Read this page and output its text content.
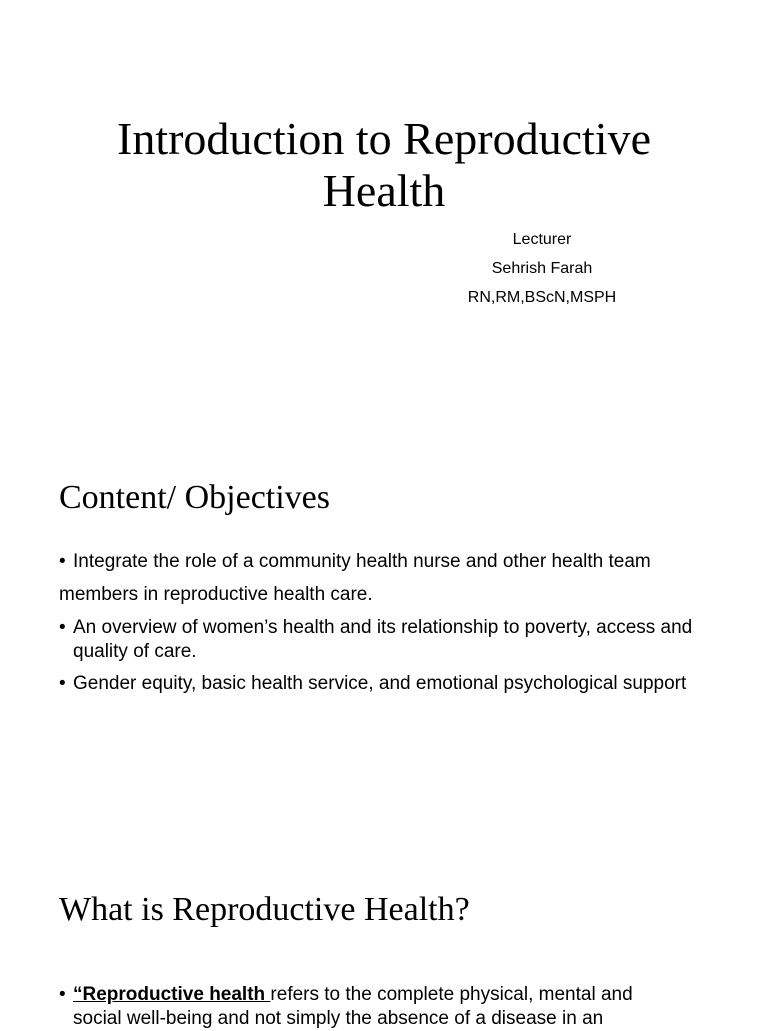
Introduction to Reproductive
Health
Lecturer
Sehrish Farah
RN,RM,BScN,MSPH
Content/ Objectives
• Integrate the role of a community health nurse and other health team
members in reproductive health care.
• An overview of women’s health and its relationship to poverty, access and
quality of care.
• Gender equity, basic health service, and emotional psychological support
What is Reproductive Health?
• “Reproductive health refers to the complete physical, mental and
social well-being and not simply the absence of a disease in an
